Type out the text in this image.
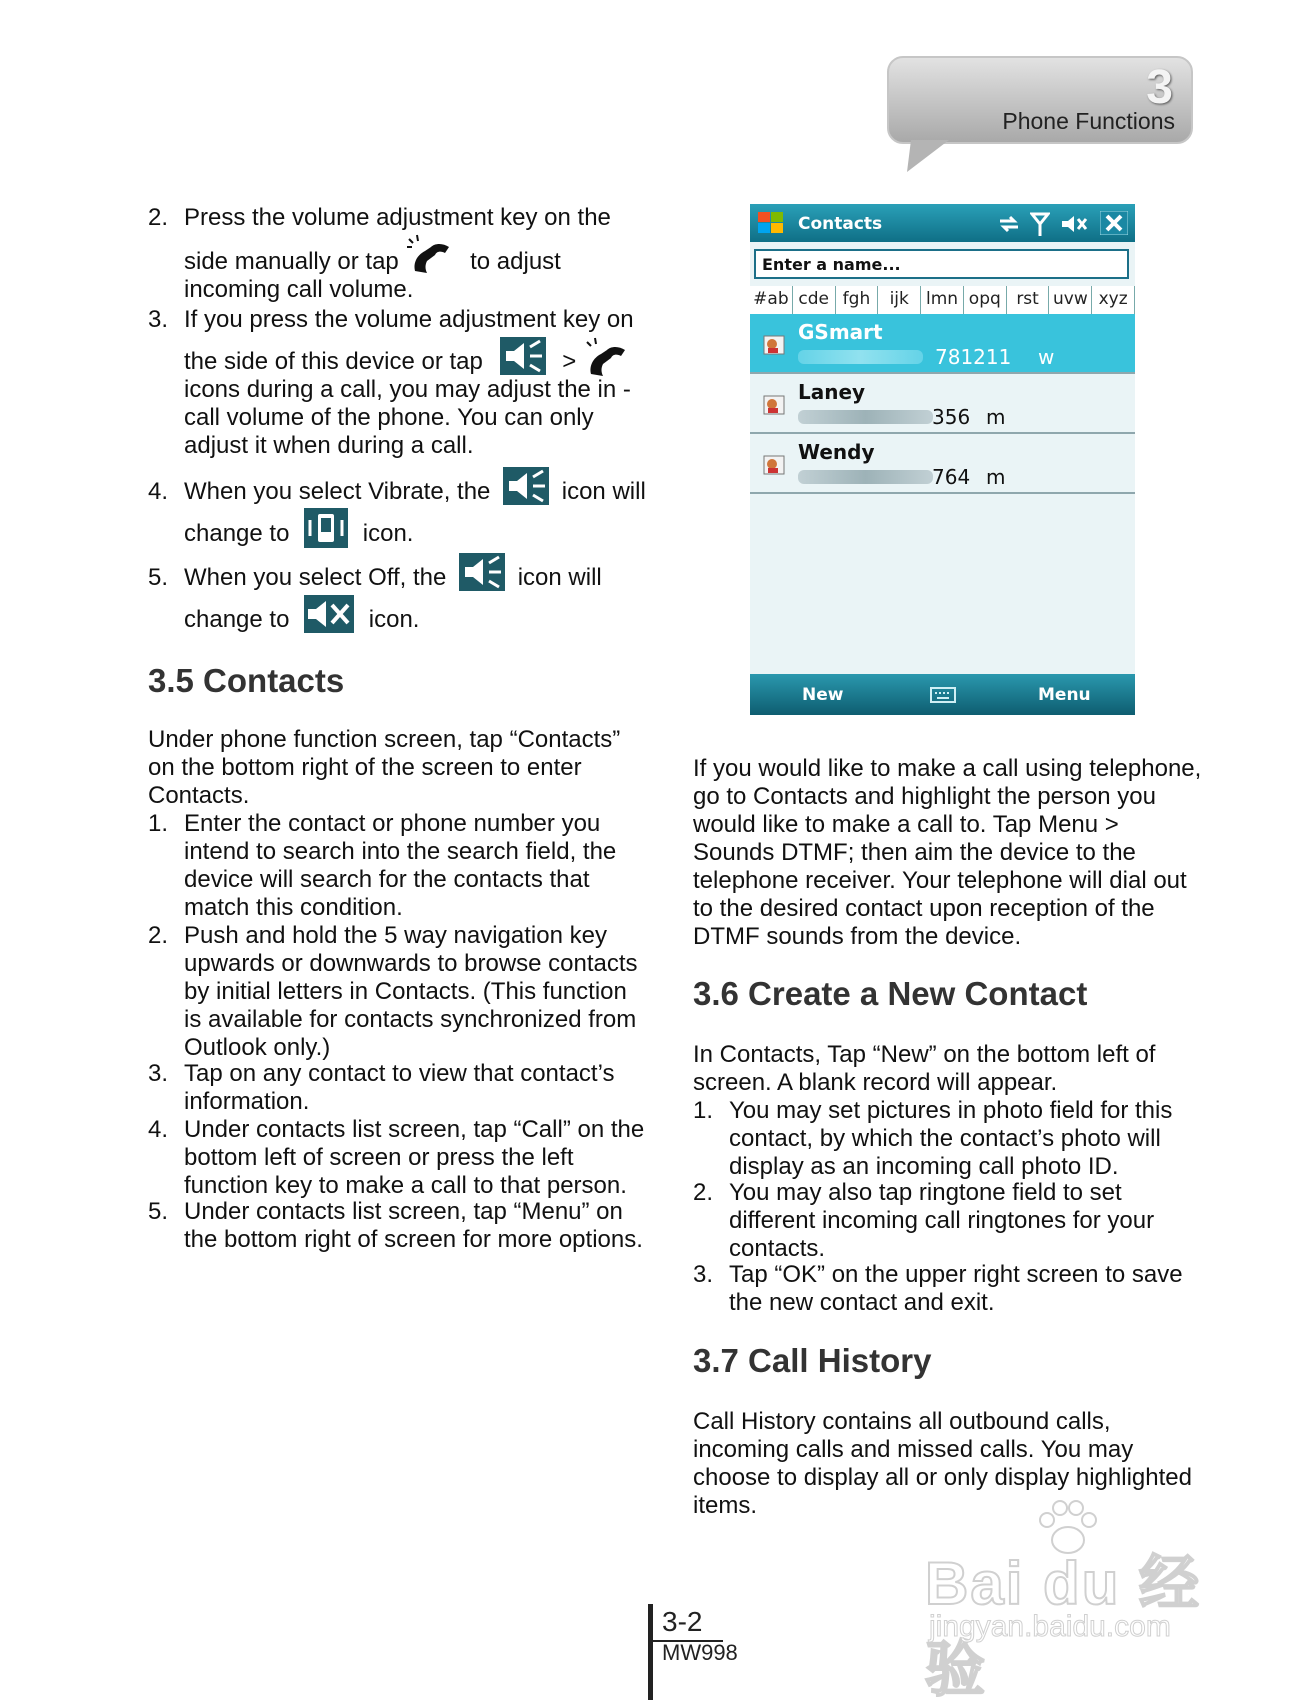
3
Phone Functions
2. Press the volume adjustment key on the
side manually or tap	to adjust
incoming call volume.
3. If you press the volume adjustment key on
the side of this device or tap	>
icons during a call, you may adjust the in -
call volume of the phone. You can only
adjust it when during a call.
4. When you select Vibrate, the	icon will
change to	icon.
5. When you select Off, the	icon will
change to	icon.
3.5 Contacts
Under phone function screen, tap “Contacts”
on the bottom right of the screen to enter
Contacts.
1. Enter the contact or phone number you
intend to search into the search field, the
device will search for the contacts that
match this condition.
2. Push and hold the 5 way navigation key
upwards or downwards to browse contacts
by initial letters in Contacts. (This function
is available for contacts synchronized from
Outlook only.)
3. Tap on any contact to view that contact’s
information.
4. Under contacts list screen, tap “Call” on the
bottom left of screen or press the left
function key to make a call to that person.
5. Under contacts list screen, tap “Menu” on
the bottom right of screen for more options.
Contacts
Enter a name...
#ab cde fgh	ijk	lmn opq rst uvw xyz
GSmart
781211 w
Laney
356 m
Wendy
764 m
New	Menu
If you would like to make a call using telephone,
go to Contacts and highlight the person you
would like to make a call to. Tap Menu >
Sounds DTMF; then aim the device to the
telephone receiver. Your telephone will dial out
to the desired contact upon reception of the
DTMF sounds from the device.
3.6 Create a New Contact
In Contacts, Tap “New” on the bottom left of
screen. A blank record will appear.
1. You may set pictures in photo field for this
contact, by which the contact’s photo will
display as an incoming call photo ID.
2. You may also tap ringtone field to set
different incoming call ringtones for your
contacts.
3. Tap “OK” on the upper right screen to save
the new contact and exit.
3.7 Call History
Call History contains all outbound calls,
incoming calls and missed calls. You may
choose to display all or only display highlighted
items.
3-2
MW998
Bai du 经验
jingyan.baidu.com
